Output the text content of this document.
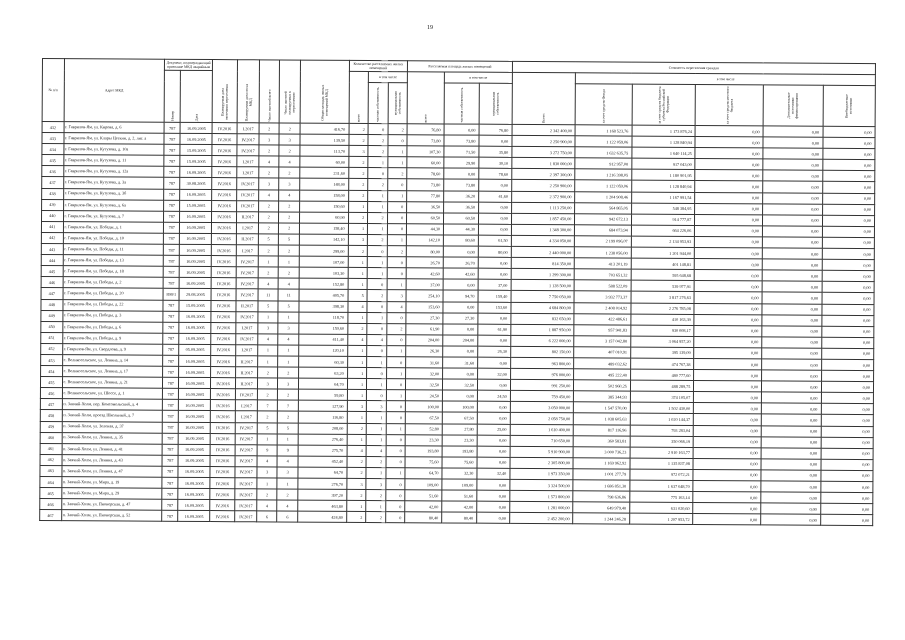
19
№ п/п	Адрес МКД	Документ, подтверждающий признание МКД аварийным		Планируемая дата окончания переселения	Планируемая дата сноса МКД	Число жителей всего	Число жителей планируемых к переселению	Общая площадь жилых помещений МКД	Количество расселяемых жилых помещений			Расселяемая площадь жилых помещений			Стоимость переселения граждан					
		Номер	Дата						всего	в том числе		всего	в том числе		Всего:	в том числе				
										частная собственность	муниципальная собственность		частная собственность	муниципальная собственность		за счет средств Фонда	за счет средств бюджета субъекта Российской Федерации	за счет средств местного бюджета	Дополнительные источники финансирования	Внебюджетные источники
432	г. Гаврилов-Ям, ул. Кирова, д. 6	787	16.09.2005	IV.2016	I.2017	2	2	416,70	2	0	2	76,80	0,00	76,80	2 342 400,00	1 168 523,76	1 173 876,24	0,00	0,00	0,00
433	г. Гаврилов-Ям, ул. Клары Цеткин, д. 2, лит. а	787	16.09.2005	IV.2016	IV.2017	3	3	139,50	2	2	0	73,80	73,80	0,00	2 250 900,00	1 122 059,06	1 128 840,94	0,00	0,00	0,00
434	г. Гаврилов-Ям, ул. Кутузова, д. 10а	787	15.09.2005	IV.2016	IV.2017	2	2	113,70	3	2	1	107,30	71,50	35,80	3 272 750,00	1 632 635,75	1 640 114,25	0,00	0,00	0,00
435	г. Гаврилов-Ям, ул. Кутузова, д. 11	787	15.09.2005	IV.2016	I.2017	4	4	60,00	2	1	1	60,00	29,90	30,10	1 830 000,00	912 957,00	917 043,00	0,00	0,00	0,00
436	г. Гаврилов-Ям, ул. Кутузова, д. 12а	787	16.09.2005	IV.2016	I.2017	2	2	231,60	2	0	2	78,60	0,00	78,60	2 397 300,00	1 216 398,05	1 180 901,95	0,00	0,00	0,00
437	г. Гаврилов-Ям, ул. Кутузова, д. 3а	787	30.08.2005	IV.2016	IV.2017	3	3	148,00	2	2	0	73,80	73,80	0,00	2 250 900,00	1 122 059,06	1 128 840,94	0,00	0,00	0,00
438	г. Гаврилов-Ям, ул. Кутузова, д. 3б	787	16.09.2005	IV.2016	IV.2017	4	4	158,00	2	1	1	77,80	36,20	41,60	2 372 900,00	1 204 908,46	1 167 991,54	0,00	0,00	0,00
439	г. Гаврилов-Ям, ул. Кутузова, д. 6а	787	15.09.2005	IV.2016	IV.2017	2	2	150,60	1	1	0	36,50	36,50	0,00	1 113 250,00	564 865,05	548 384,95	0,00	0,00	0,00
440	г. Гаврилов-Ям, ул. Кутузова, д. 7	787	16.09.2005	IV.2016	II.2017	2	2	60,90	2	2	0	60,50	60,50	0,00	1 857 450,00	942 672,13	914 777,87	0,00	0,00	0,00
441	г. Гаврилов-Ям, ул. Победы, д. 1	787	16.09.2005	IV.2016	I.2017	2	2	158,40	1	1	0	44,30	44,30	0,00	1 348 300,00	684 073,94	664 226,06	0,00	0,00	0,00
442	г. Гаврилов-Ям, ул. Победы, д. 10	787	16.09.2005	IV.2016	II.2017	5	5	142,10	3	2	1	142,10	80,60	61,50	4 334 050,00	2 199 096,07	2 134 953,93	0,00	0,00	0,00
443	г. Гаврилов-Ям, ул. Победы, д. 11	787	16.09.2005	IV.2016	I.2017	2	2	299,00	2	0	2	80,00	0,00	80,00	2 440 000,00	1 238 056,00	1 201 944,00	0,00	0,00	0,00
444	г. Гаврилов-Ям, ул. Победы, д. 13	787	16.09.2005	IV.2016	IV.2017	1	1	107,00	1	1	0	26,70	26,70	0,00	814 350,00	413 201,19	401 148,81	0,00	0,00	0,00
445	г. Гаврилов-Ям, ул. Победы, д. 18	787	16.09.2005	IV.2016	IV.2017	2	2	103,30	1	1	0	42,60	42,60	0,00	1 299 300,00	703 651,32	595 648,68	0,00	0,00	0,00
446	г. Гаврилов-Ям, ул. Победы, д. 2	787	16.09.2005	IV.2016	IV.2017	4	4	152,80	1	0	1	37,00	0,00	37,00	1 128 500,00	588 522,09	539 977,91	0,00	0,00	0,00
447	г. Гаврилов-Ям, ул. Победы, д. 20	890/1	29.08.2005	IV.2016	IV.2017	11	11	405,70	5	2	3	254,10	94,70	159,40	7 750 050,00	3 932 773,37	3 817 276,63	0,00	0,00	0,00
448	г. Гаврилов-Ям, ул. Победы, д. 22	787	15.09.2005	IV.2016	II.2017	5	5	398,30	4	0	4	153,60	0,00	153,60	4 684 800,00	2 408 014,92	2 276 785,08	0,00	0,00	0,00
449	г. Гаврилов-Ям, ул. Победы, д. 3	787	16.09.2005	IV.2016	IV.2017	1	1	118,70	1	1	0	27,30	27,30	0,00	832 650,00	422 486,61	410 163,39	0,00	0,00	0,00
450	г. Гаврилов-Ям, ул. Победы, д. 6	787	16.09.2005	IV.2016	I.2017	3	3	159,60	2	0	2	61,90	0,00	61,90	1 887 950,00	957 941,83	930 008,17	0,00	0,00	0,00
451	г. Гаврилов-Ям, ул. Победы, д. 9	787	16.09.2005	IV.2016	IV.2017	4	4	411,40	4	4	0	204,00	204,00	0,00	6 222 000,00	3 157 042,80	3 064 957,20	0,00	0,00	0,00
452	г. Гаврилов-Ям, ул. Свердлова, д. 9	787	05.09.2005	IV.2016	I.2017	1	1	120,10	1	0	1	26,30	0,00	26,30	802 150,00	407 010,91	395 139,09	0,00	0,00	0,00
453	с. Великосельское, ул. Ленина, д. 14	787	16.09.2005	IV.2016	II.2017	1	1	60,30	1	1	0	31,60	31,60	0,00	963 800,00	489 032,62	474 767,38	0,00	0,00	0,00
454	с. Великосельское, ул. Ленина, д. 17	787	16.09.2005	IV.2016	II.2017	2	2	63,20	1	0	1	32,00	0,00	32,00	976 000,00	495 222,40	480 777,60	0,00	0,00	0,00
455	с. Великосельское, ул. Ленина, д. 21	787	16.09.2005	IV.2016	II.2017	3	3	64,70	1	1	0	32,50	32,50	0,00	991 250,00	502 960,25	488 289,75	0,00	0,00	0,00
456	с. Великосельское, ул. Шоссе, д. 1	787	16.09.2005	IV.2016	IV.2017	2	2	59,80	1	0	1	24,50	0,00	24,50	759 450,00	385 344,93	374 105,07	0,00	0,00	0,00
457	п. Заячий-Холм, пер. Комсомольский, д. 4	787	16.09.2005	IV.2016	I.2017	7	7	127,90	3	3	0	100,00	100,00	0,00	3 050 000,00	1 547 570,00	1 502 430,00	0,00	0,00	0,00
458	п. Заячий-Холм, проезд Школьный, д. 7	787	16.09.2005	IV.2016	I.2017	2	2	116,80	1	1	0	67,50	67,50	0,00	2 058 750,00	1 038 605,63	1 020 144,37	0,00	0,00	0,00
459	п. Заячий-Холм, ул. Зеленая, д. 37	787	16.09.2005	IV.2016	IV.2017	5	5	208,00	2	1	1	52,80	27,80	25,00	1 610 400,00	817 116,96	793 283,04	0,00	0,00	0,00
460	п. Заячий-Холм, ул. Ленина, д. 35	787	16.09.2005	IV.2016	IV.2017	1	1	276,40	1	1	0	23,30	23,30	0,00	710 650,00	360 583,81	350 066,19	0,00	0,00	0,00
461	п. Заячий-Холм, ул. Ленина, д. 41	787	16.09.2005	IV.2016	IV.2017	9	9	275,70	4	4	0	193,80	193,80	0,00	5 910 900,00	3 000 736,23	2 910 163,77	0,00	0,00	0,00
462	п. Заячий-Холм, ул. Ленина, д. 43	787	16.09.2005	IV.2016	IV.2017	4	4	452,40	2	2	0	75,60	75,60	0,00	2 305 800,00	1 169 962,92	1 135 837,08	0,00	0,00	0,00
463	п. Заячий-Холм, ул. Ленина, д. 47	787	16.09.2005	IV.2016	IV.2017	3	3	64,70	2	1	1	64,70	32,30	32,40	1 973 350,00	1 001 277,79	972 072,21	0,00	0,00	0,00
464	п. Заячий-Холм, ул. Мира, д. 19	787	16.09.2005	IV.2016	IV.2017	1	1	276,70	3	3	0	109,00	109,00	0,00	3 324 500,00	1 686 851,30	1 637 648,70	0,00	0,00	0,00
465	п. Заячий-Холм, ул. Мира, д. 29	787	16.09.2005	IV.2016	IV.2017	2	2	397,20	2	2	0	51,60	51,60	0,00	1 573 800,00	798 636,86	775 163,14	0,00	0,00	0,00
466	п. Заячий-Холм, ул. Пионерская, д. 47	787	16.09.2005	IV.2016	IV.2017	4	4	463,80	1	1	0	42,00	42,00	0,00	1 281 000,00	649 979,40	631 020,60	0,00	0,00	0,00
467	п. Заячий-Холм, ул. Пионерская, д. 52	787	16.09.2005	IV.2016	IV.2017	6	6	424,80	2	2	0	80,40	80,40	0,00	2 452 200,00	1 244 246,28	1 207 953,72	0,00	0,00	0,00
